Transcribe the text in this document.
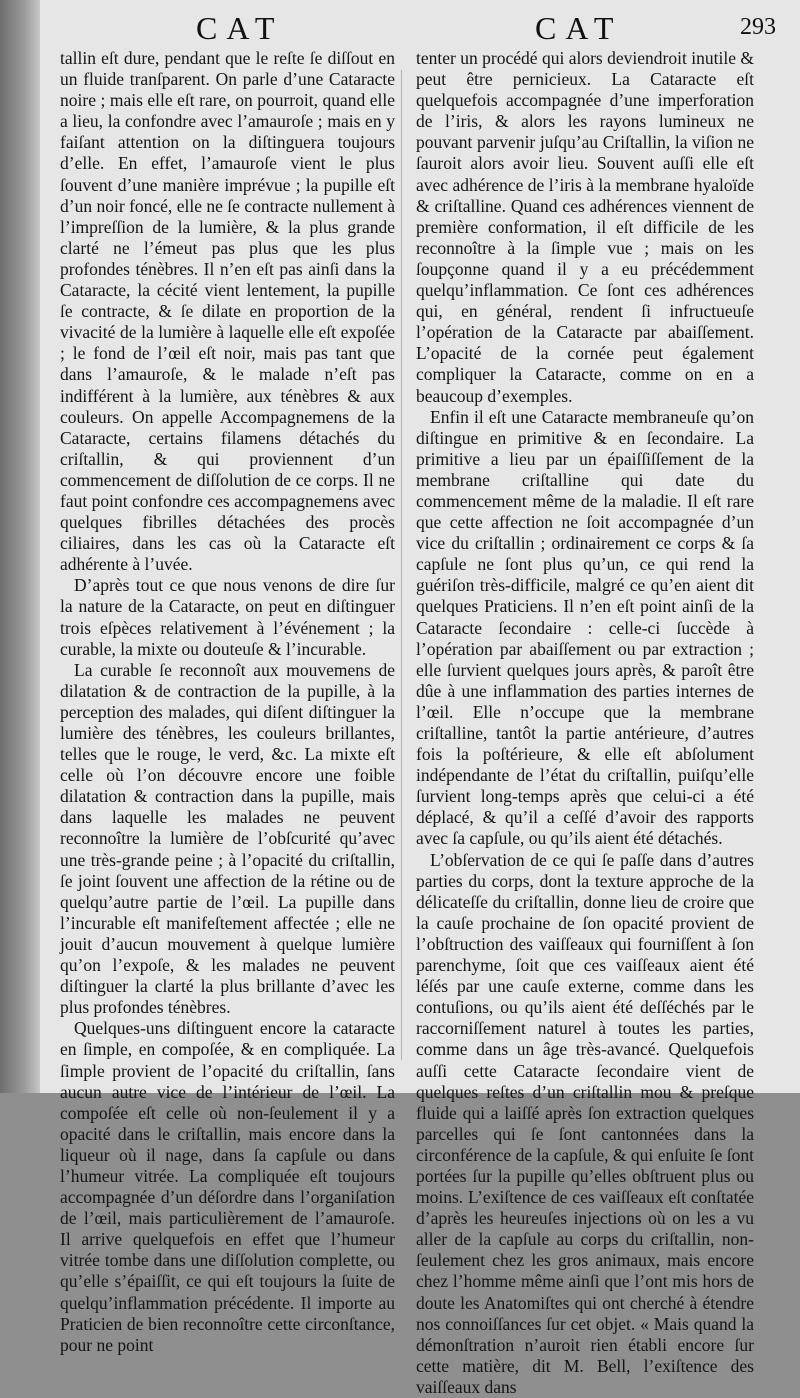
CAT	CAT	293

tallin eſt dure, pendant que le reſte ſe diſſout en un fluide tranſparent. On parle d’une Cataracte noire ; mais elle eſt rare, on pourroit, quand elle a lieu, la confondre avec l’amauroſe ; mais en y faiſant attention on la diſtinguera toujours d’elle. En effet, l’amauroſe vient le plus ſouvent d’une manière imprévue ; la pupille eſt d’un noir foncé, elle ne ſe contracte nullement à l’impreſſion de la lumière, & la plus grande clarté ne l’émeut pas plus que les plus profondes ténèbres. Il n’en eſt pas ainſi dans la Cataracte, la cécité vient lentement, la pupille ſe contracte, & ſe dilate en proportion de la vivacité de la lumière à laquelle elle eſt expoſée ; le fond de l’œil eſt noir, mais pas tant que dans l’amauroſe, & le malade n’eſt pas indifférent à la lumière, aux ténèbres & aux couleurs. On appelle Accompagnemens de la Cataracte, certains filamens détachés du criſtallin, & qui proviennent d’un commencement de diſſolution de ce corps. Il ne faut point confondre ces accompagnemens avec quelques fibrilles détachées des procès ciliaires, dans les cas où la Cataracte eſt adhérente à l’uvée.

D’après tout ce que nous venons de dire ſur la nature de la Cataracte, on peut en diſtinguer trois eſpèces relativement à l’événement ; la curable, la mixte ou douteuſe & l’incurable.

La curable ſe reconnoît aux mouvemens de dilatation & de contraction de la pupille, à la perception des malades, qui diſent diſtinguer la lumière des ténèbres, les couleurs brillantes, telles que le rouge, le verd, &c. La mixte eſt celle où l’on découvre encore une foible dilatation & contraction dans la pupille, mais dans laquelle les malades ne peuvent reconnoître la lumière de l’obſcurité qu’avec une très-grande peine ; à l’opacité du criſtallin, ſe joint ſouvent une affection de la rétine ou de quelqu’autre partie de l’œil. La pupille dans l’incurable eſt manifeſtement affectée ; elle ne jouit d’aucun mouvement à quelque lumière qu’on l’expoſe, & les malades ne peuvent diſtinguer la clarté la plus brillante d’avec les plus profondes ténèbres.

Quelques-uns diſtinguent encore la cataracte en ſimple, en compoſée, & en compliquée. La ſimple provient de l’opacité du criſtallin, ſans aucun autre vice de l’intérieur de l’œil. La compoſée eſt celle où non-ſeulement il y a opacité dans le criſtallin, mais encore dans la liqueur où il nage, dans ſa capſule ou dans l’humeur vitrée. La compliquée eſt toujours accompagnée d’un déſordre dans l’organiſation de l’œil, mais particulièrement de l’amauroſe. Il arrive quelquefois en effet que l’humeur vitrée tombe dans une diſſolution complette, ou qu’elle s’épaiſſit, ce qui eſt toujours la ſuite de quelqu’inflammation précédente. Il importe au Praticien de bien reconnoître cette circonſtance, pour ne point

tenter un procédé qui alors deviendroit inutile & peut être pernicieux. La Cataracte eſt quelquefois accompagnée d’une imperforation de l’iris, & alors les rayons lumineux ne pouvant parvenir juſqu’au Criſtallin, la viſion ne ſauroit alors avoir lieu. Souvent auſſi elle eſt avec adhérence de l’iris à la membrane hyaloïde & criſtalline. Quand ces adhérences viennent de première conformation, il eſt difficile de les reconnoître à la ſimple vue ; mais on les ſoupçonne quand il y a eu précédemment quelqu’inflammation. Ce ſont ces adhérences qui, en général, rendent ſi infructueuſe l’opération de la Cataracte par abaiſſement. L’opacité de la cornée peut également compliquer la Cataracte, comme on en a beaucoup d’exemples.

Enfin il eſt une Cataracte membraneuſe qu’on diſtingue en primitive & en ſecondaire. La primitive a lieu par un épaiſſiſſement de la membrane criſtalline qui date du commencement même de la maladie. Il eſt rare que cette affection ne ſoit accompagnée d’un vice du criſtallin ; ordinairement ce corps & ſa capſule ne ſont plus qu’un, ce qui rend la guériſon très-difficile, malgré ce qu’en aient dit quelques Praticiens. Il n’en eſt point ainſi de la Cataracte ſecondaire : celle-ci ſuccède à l’opération par abaiſſement ou par extraction ; elle ſurvient quelques jours après, & paroît être dûe à une inflammation des parties internes de l’œil. Elle n’occupe que la membrane criſtalline, tantôt la partie antérieure, d’autres fois la poſtérieure, & elle eſt abſolument indépendante de l’état du criſtallin, puiſqu’elle ſurvient long-temps après que celui-ci a été déplacé, & qu’il a ceſſé d’avoir des rapports avec ſa capſule, ou qu’ils aient été détachés.

L’obſervation de ce qui ſe paſſe dans d’autres parties du corps, dont la texture approche de la délicateſſe du criſtallin, donne lieu de croire que la cauſe prochaine de ſon opacité provient de l’obſtruction des vaiſſeaux qui fourniſſent à ſon parenchyme, ſoit que ces vaiſſeaux aient été léſés par une cauſe externe, comme dans les contuſions, ou qu’ils aient été deſſéchés par le raccorniſſement naturel à toutes les parties, comme dans un âge très-avancé. Quelquefois auſſi cette Cataracte ſecondaire vient de quelques reſtes d’un criſtallin mou & preſque fluide qui a laiſſé après ſon extraction quelques parcelles qui ſe ſont cantonnées dans la circonférence de la capſule, & qui enſuite ſe ſont portées ſur la pupille qu’elles obſtruent plus ou moins. L’exiſtence de ces vaiſſeaux eſt conſtatée d’après les heureuſes injections où on les a vu aller de la capſule au corps du criſtallin, non-ſeulement chez les gros animaux, mais encore chez l’homme même ainſi que l’ont mis hors de doute les Anatomiſtes qui ont cherché à étendre nos connoiſſances ſur cet objet. « Mais quand la démonſtration n’auroit rien établi encore ſur cette matière, dit M. Bell, l’exiſtence des vaiſſeaux dans
